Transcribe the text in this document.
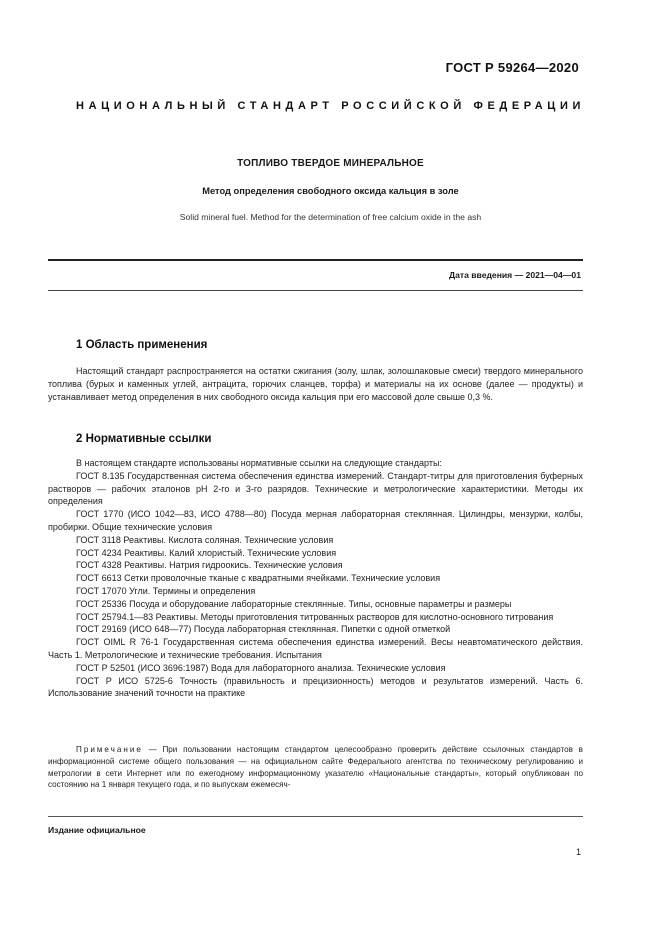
ГОСТ Р 59264—2020
НАЦИОНАЛЬНЫЙ СТАНДАРТ РОССИЙСКОЙ ФЕДЕРАЦИИ
ТОПЛИВО ТВЕРДОЕ МИНЕРАЛЬНОЕ
Метод определения свободного оксида кальция в золе
Solid mineral fuel. Method for the determination of free calcium oxide in the ash
Дата введения — 2021—04—01
1 Область применения

Настоящий стандарт распространяется на остатки сжигания (золу, шлак, золошлаковые смеси) твердого минерального топлива (бурых и каменных углей, антрацита, горючих сланцев, торфа) и материалы на их основе (далее — продукты) и устанавливает метод определения в них свободного оксида кальция при его массовой доле свыше 0,3 %.

2 Нормативные ссылки

В настоящем стандарте использованы нормативные ссылки на следующие стандарты:

ГОСТ 8.135 Государственная система обеспечения единства измерений. Стандарт-титры для приготовления буферных растворов — рабочих эталонов pH 2-го и 3-го разрядов. Технические и метрологические характеристики. Методы их определения

ГОСТ 1770 (ИСО 1042—83, ИСО 4788—80) Посуда мерная лабораторная стеклянная. Цилиндры, мензурки, колбы, пробирки. Общие технические условия

ГОСТ 3118 Реактивы. Кислота соляная. Технические условия

ГОСТ 4234 Реактивы. Калий хлористый. Технические условия

ГОСТ 4328 Реактивы. Натрия гидроокись. Технические условия

ГОСТ 6613 Сетки проволочные тканые с квадратными ячейками. Технические условия

ГОСТ 17070 Угли. Термины и определения

ГОСТ 25336 Посуда и оборудование лабораторные стеклянные. Типы, основные параметры и размеры

ГОСТ 25794.1—83 Реактивы. Методы приготовления титрованных растворов для кислотно-основного титрования

ГОСТ 29169 (ИСО 648—77) Посуда лабораторная стеклянная. Пипетки с одной отметкой

ГОСТ OIML R 76-1 Государственная система обеспечения единства измерений. Весы неавтоматического действия. Часть 1. Метрологические и технические требования. Испытания

ГОСТ Р 52501 (ИСО 3696:1987) Вода для лабораторного анализа. Технические условия

ГОСТ Р ИСО 5725-6 Точность (правильность и прецизионность) методов и результатов измерений. Часть 6. Использование значений точности на практике

Примечание — При пользовании настоящим стандартом целесообразно проверить действие ссылочных стандартов в информационной системе общего пользования — на официальном сайте Федерального агентства по техническому регулированию и метрологии в сети Интернет или по ежегодному информационному указателю «Национальные стандарты», который опубликован по состоянию на 1 января текущего года, и по выпускам ежемесяч-

Издание официальное
1
